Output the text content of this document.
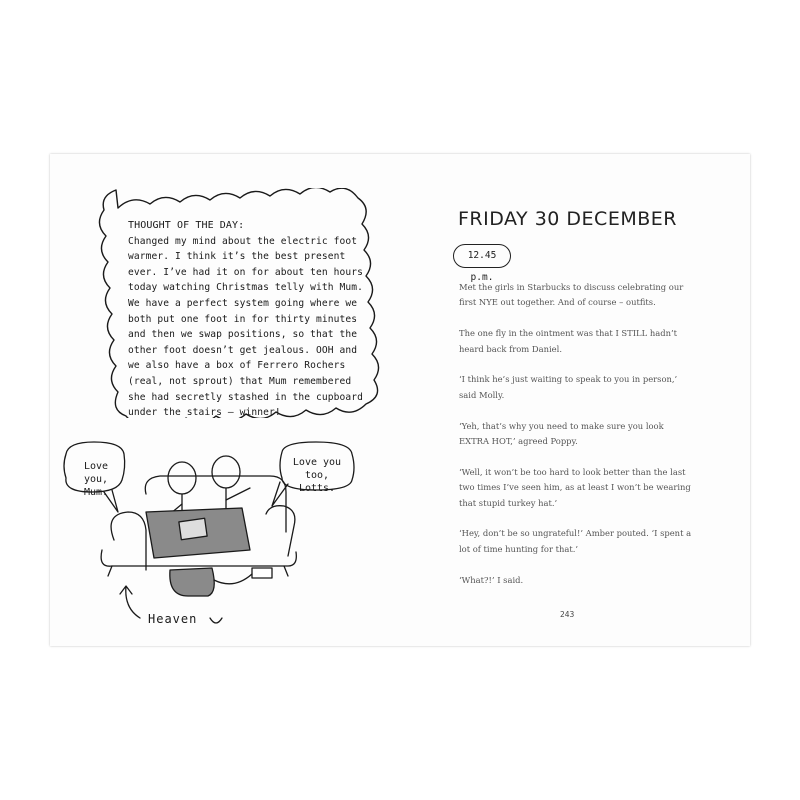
THOUGHT OF THE DAY:
Changed my mind about the electric foot warmer. I think it’s the best present ever. I’ve had it on for about ten hours today watching Christmas telly with Mum. We have a perfect system going where we both put one foot in for thirty minutes and then we swap positions, so that the other foot doesn’t get jealous. OOH and we also have a box of Ferrero Rochers (real, not sprout) that Mum remembered she had secretly stashed in the cupboard under the stairs – winner!
Love you, Mum.
Love you too, Lotts.
Heaven
FRIDAY 30 DECEMBER
12.45 p.m.

Met the girls in Starbucks to discuss celebrating our first NYE out together. And of course – outfits.

The one fly in the ointment was that I STILL hadn’t heard back from Daniel.

‘I think he’s just waiting to speak to you in person,’ said Molly.

‘Yeh, that’s why you need to make sure you look EXTRA HOT,’ agreed Poppy.

‘Well, it won’t be too hard to look better than the last two times I’ve seen him, as at least I won’t be wearing that stupid turkey hat.’

‘Hey, don’t be so ungrateful!’ Amber pouted. ‘I spent a lot of time hunting for that.’

‘What?!’ I said.

243
